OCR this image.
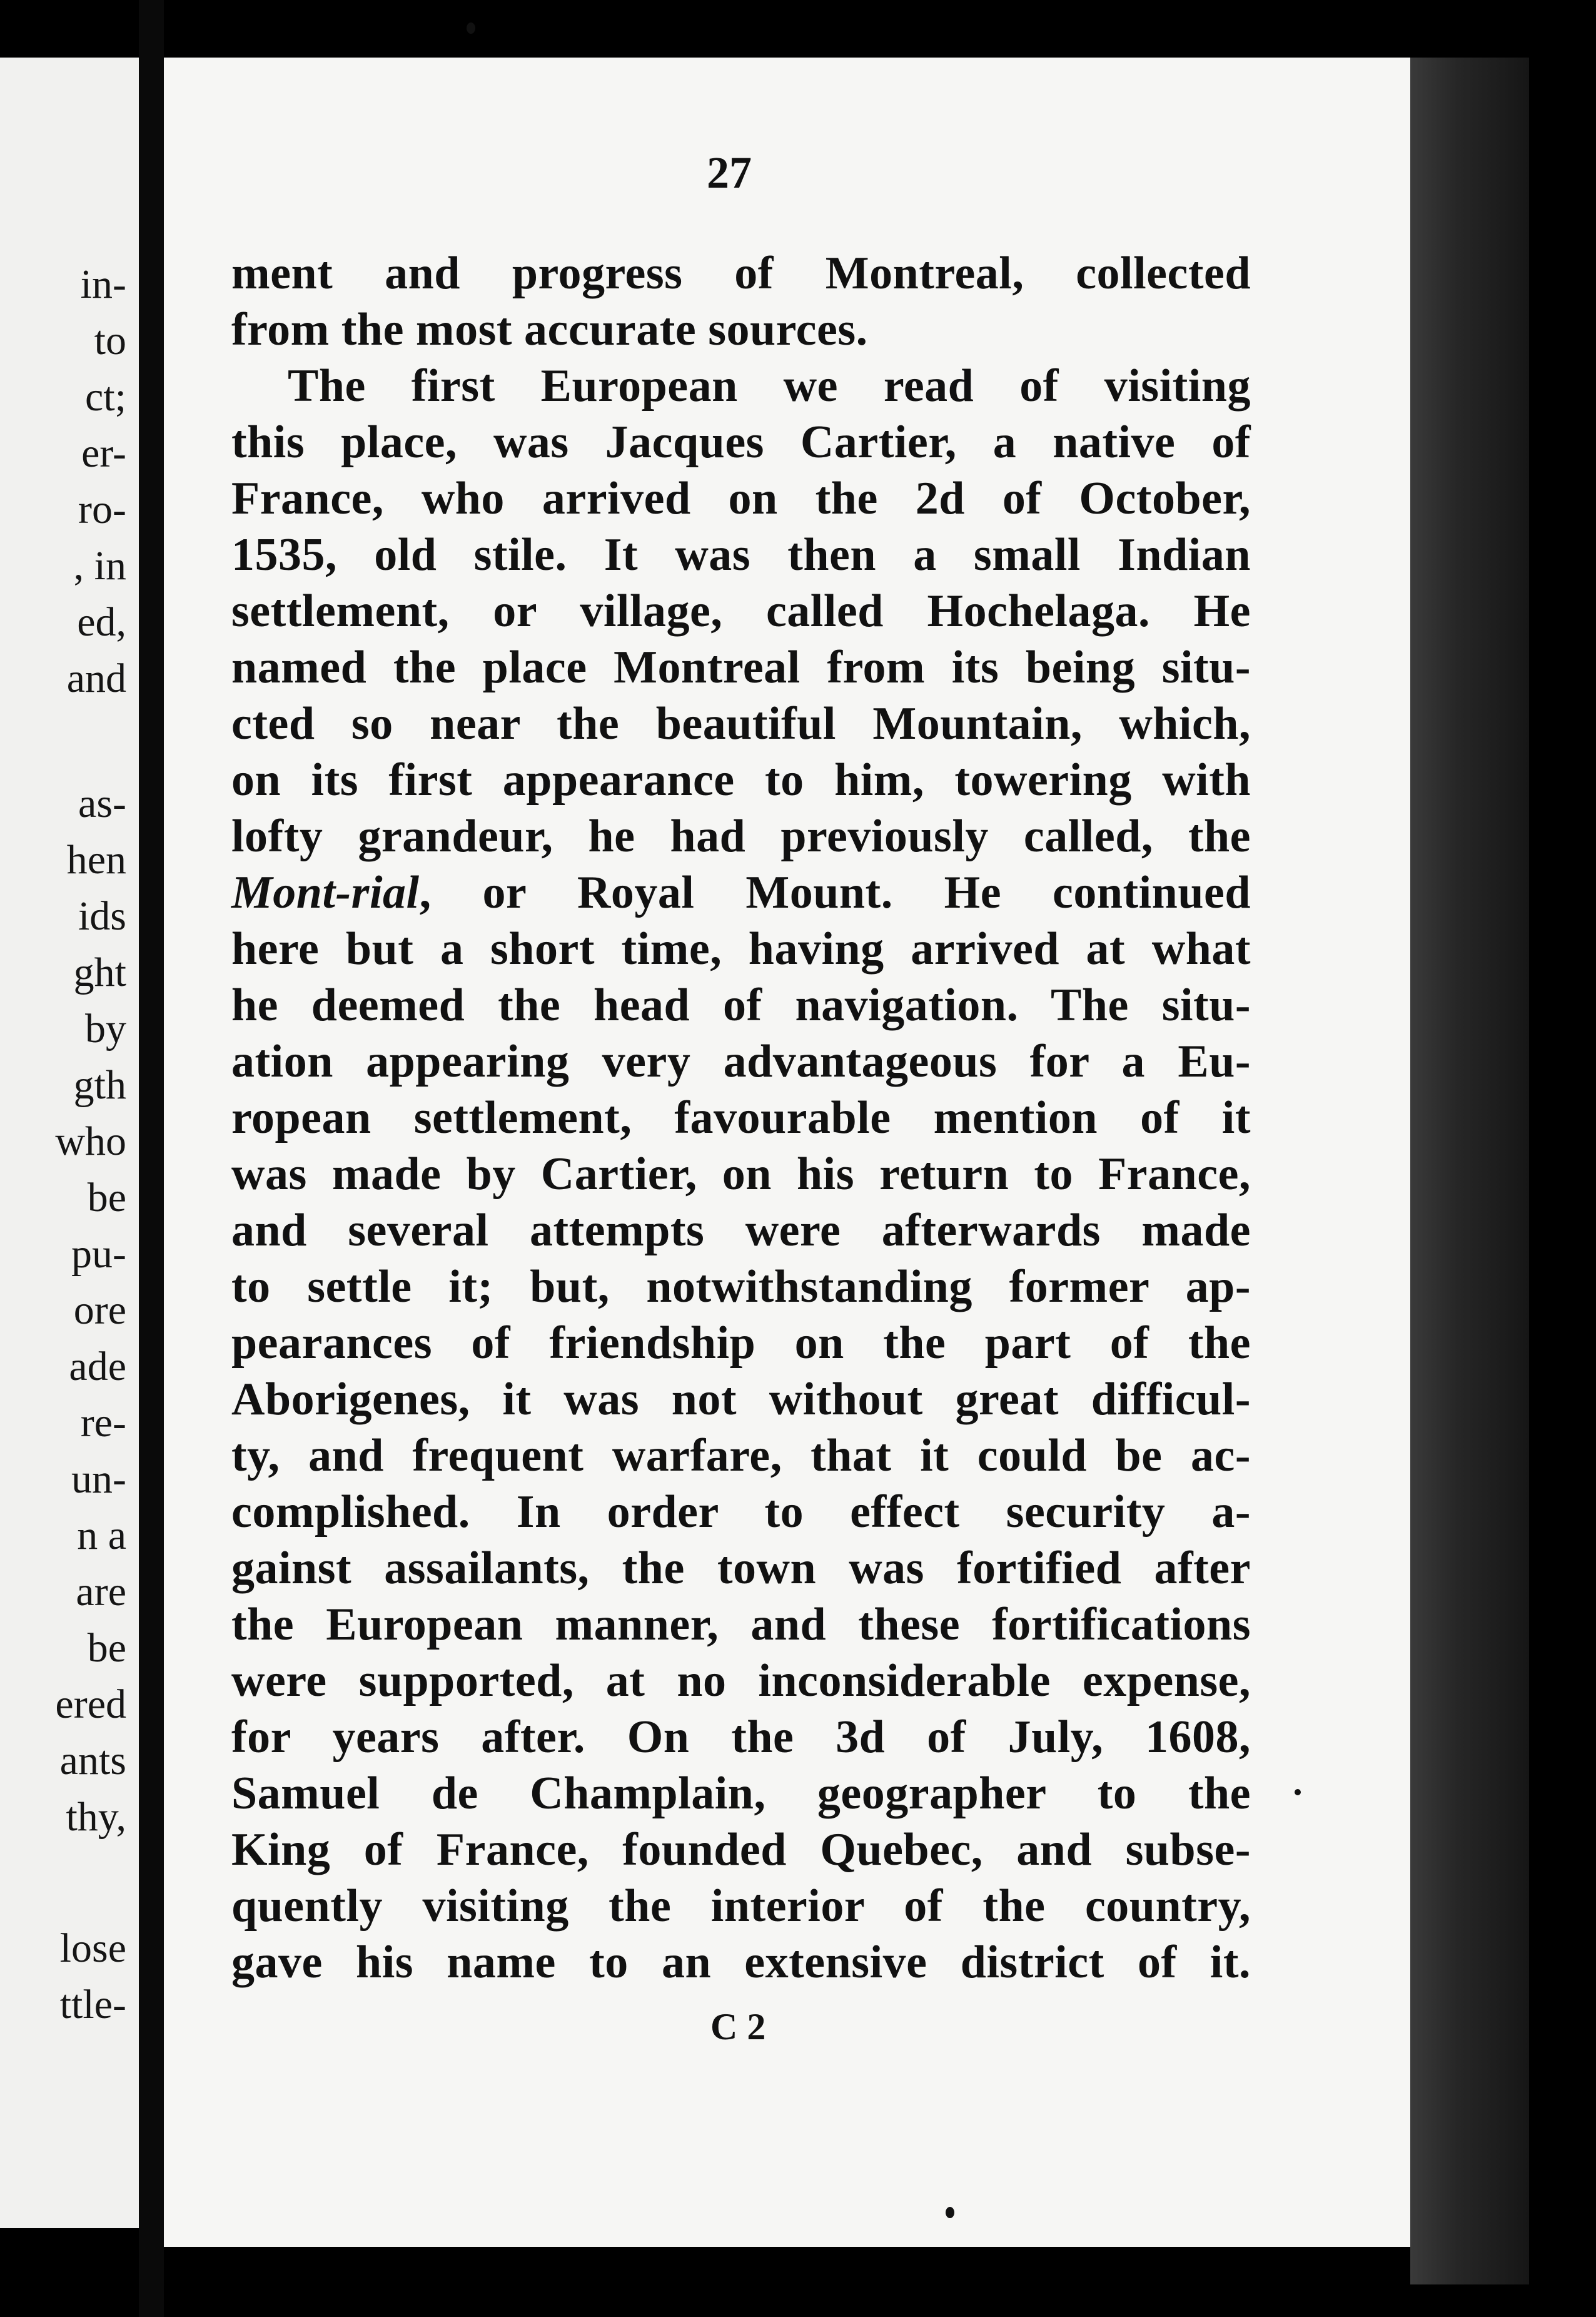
in-
to
ct;
er-
ro-
, in
ed,
and
as-
hen
ids
ght
by
gth
who
be
pu-
ore
ade
re-
un-
n a
are
be
ered
ants
thy,
lose
ttle-
27
ment and progress of Montreal, collected
from the most accurate sources.
The first European we read of visiting
this place, was Jacques Cartier, a native of
France, who arrived on the 2d of October,
1535, old stile. It was then a small Indian
settlement, or village, called Hochelaga. He
named the place Montreal from its being situ-
cted so near the beautiful Mountain, which,
on its first appearance to him, towering with
lofty grandeur, he had previously called, the
Mont-rial, or Royal Mount. He continued
here but a short time, having arrived at what
he deemed the head of navigation. The situ-
ation appearing very advantageous for a Eu-
ropean settlement, favourable mention of it
was made by Cartier, on his return to France,
and several attempts were afterwards made
to settle it; but, notwithstanding former ap-
pearances of friendship on the part of the
Aborigenes, it was not without great difficul-
ty, and frequent warfare, that it could be ac-
complished. In order to effect security a-
gainst assailants, the town was fortified after
the European manner, and these fortifications
were supported, at no inconsiderable expense,
for years after. On the 3d of July, 1608,
Samuel de Champlain, geographer to the
King of France, founded Quebec, and subse-
quently visiting the interior of the country,
gave his name to an extensive district of it.
C 2
